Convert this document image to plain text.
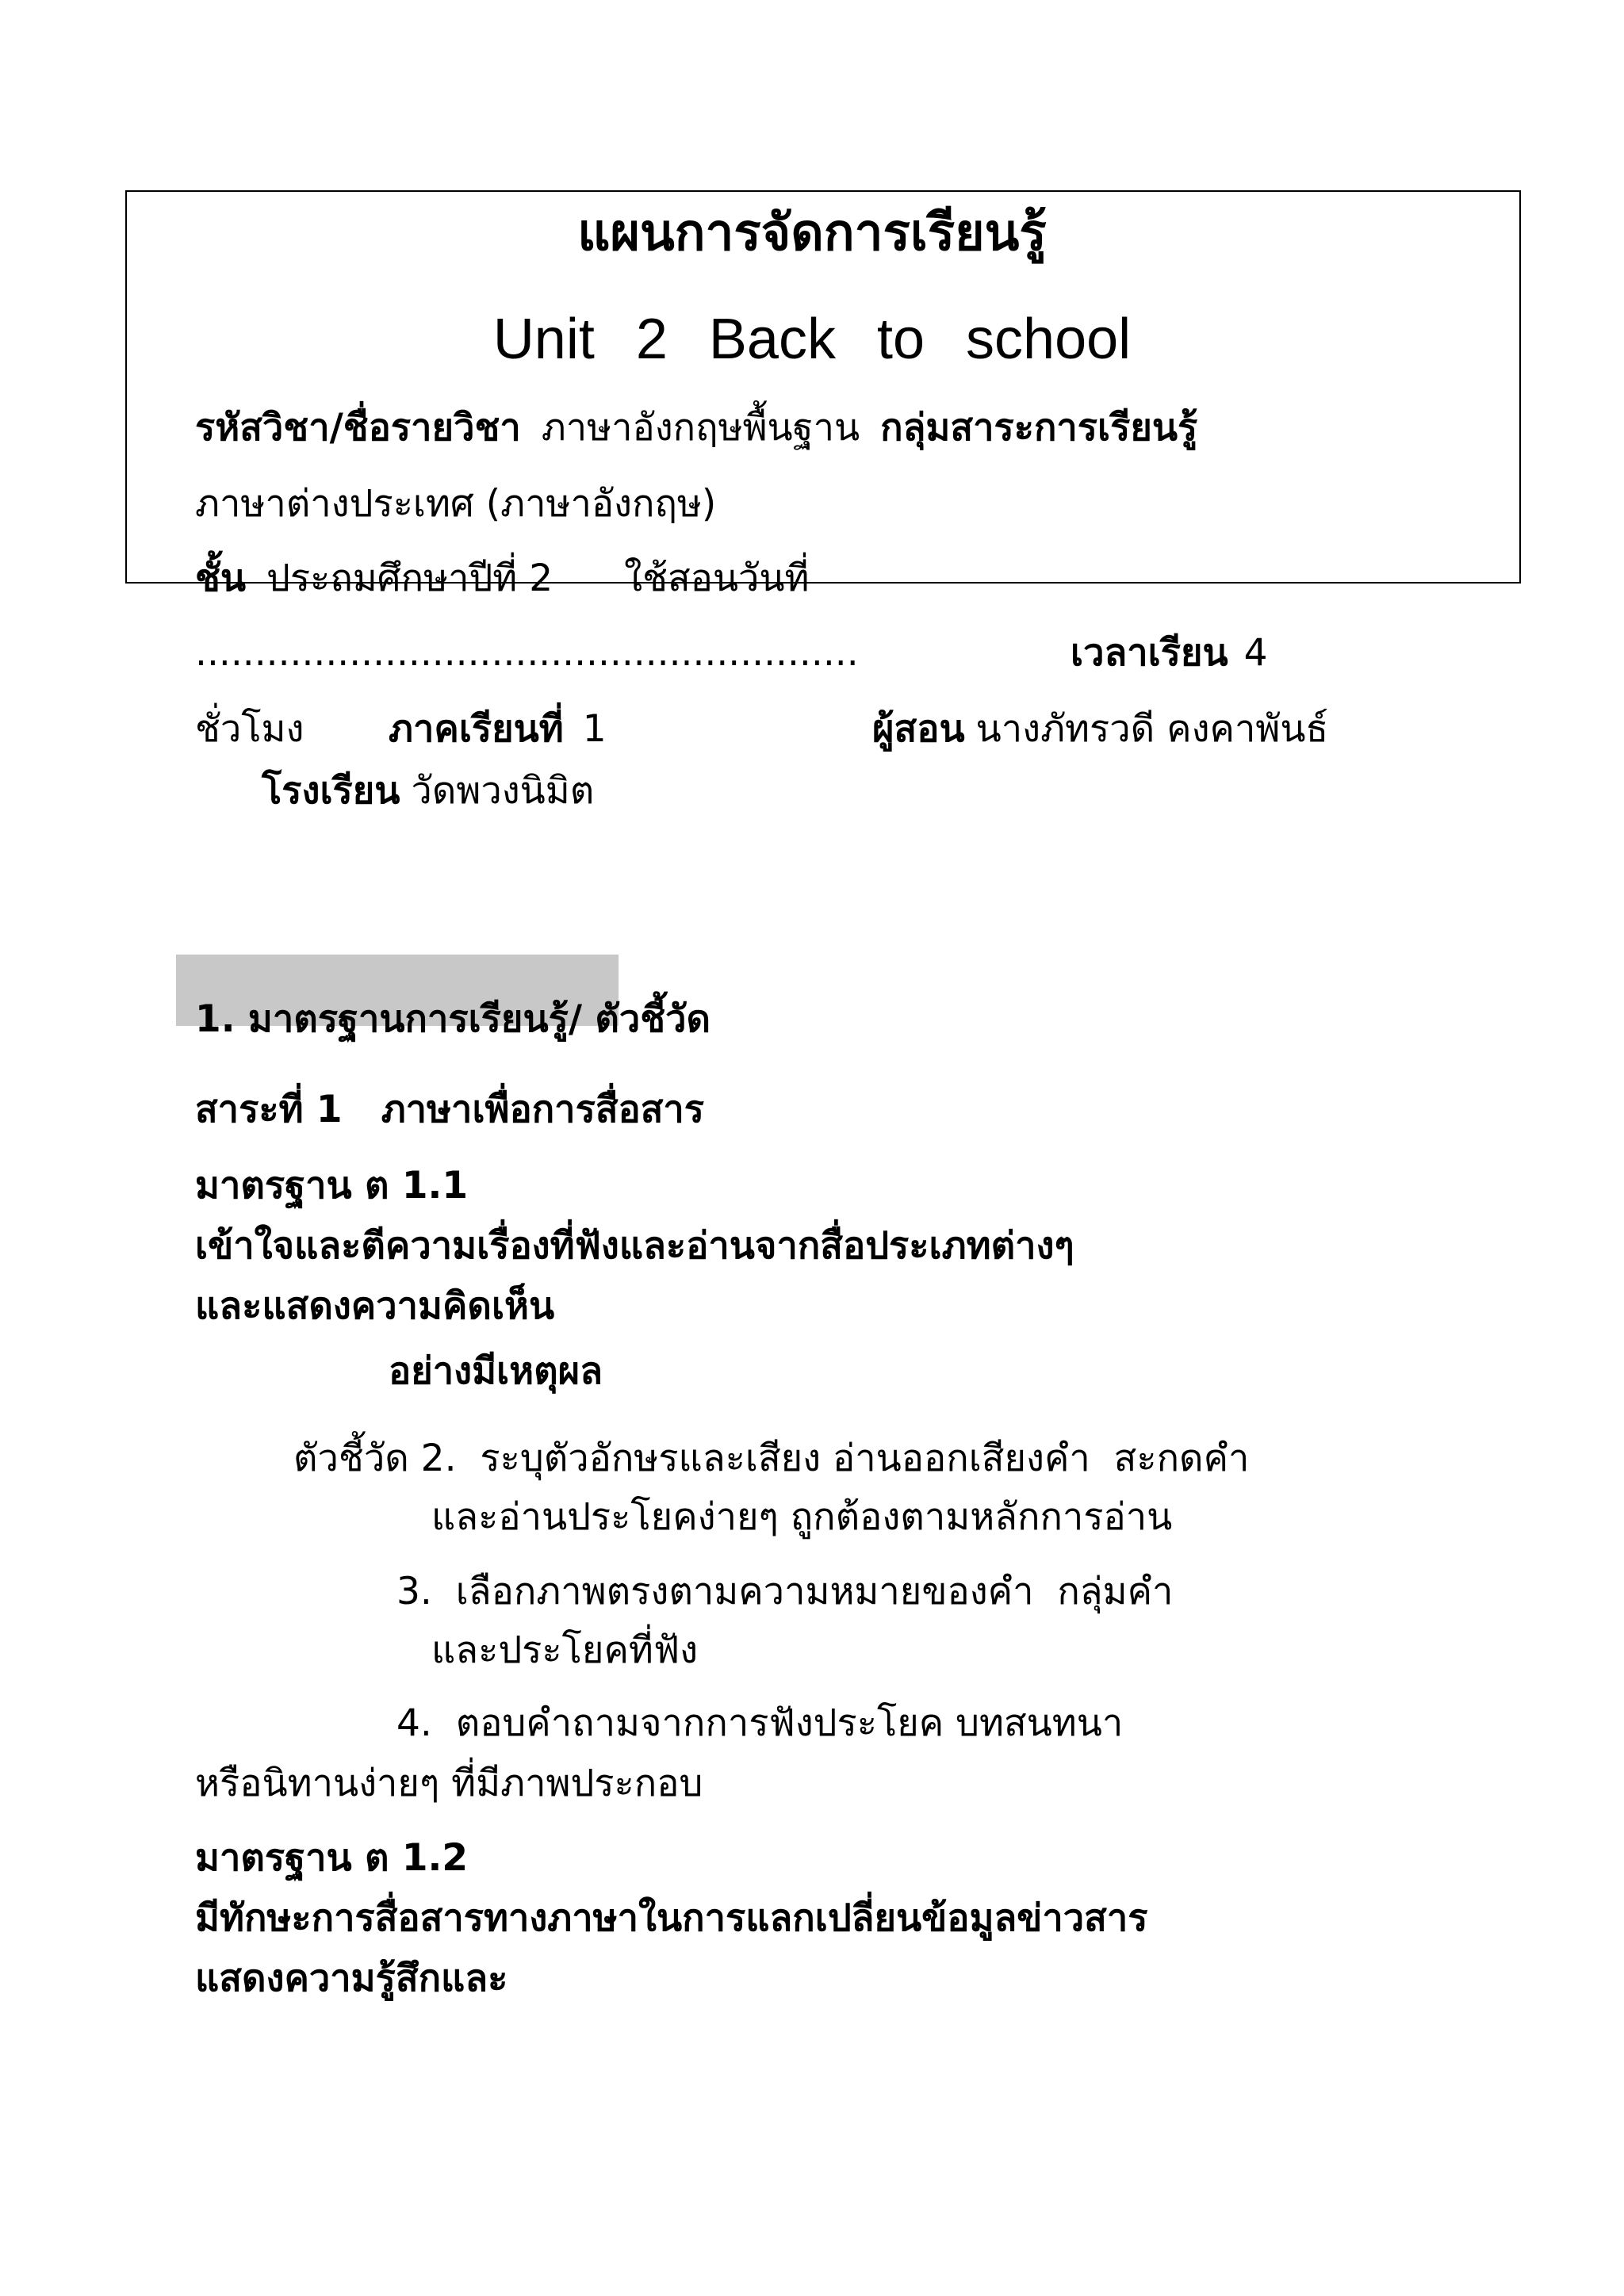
แผนการจัดการเรียนรู้
Unit  2  Back  to  school
รหัสวิชา/ชื่อรายวิชา ภาษาอังกฤษพื้นฐาน กลุ่มสาระการเรียนรู้
ภาษาต่างประเทศ (ภาษาอังกฤษ)
ชั้น ประถมศึกษาปีที่ 2 ใช้สอนวันที่
........................................................	เวลาเรียน 4
ชั่วโมง ภาคเรียนที่ 1	ผู้สอน นางภัทรวดี คงคาพันธ์
โรงเรียน วัดพวงนิมิต
1. มาตรฐานการเรียนรู้/ ตัวชี้วัด
สาระที่ 1   ภาษาเพื่อการสื่อสาร
มาตรฐาน ต 1.1
เข้าใจและตีความเรื่องที่ฟังและอ่านจากสื่อประเภทต่างๆ
และแสดงความคิดเห็น
อย่างมีเหตุผล
ตัวชี้วัด 2.  ระบุตัวอักษรและเสียง อ่านออกเสียงคำ  สะกดคำ
และอ่านประโยคง่ายๆ ถูกต้องตามหลักการอ่าน
3.  เลือกภาพตรงตามความหมายของคำ  กลุ่มคำ
และประโยคที่ฟัง
4.  ตอบคำถามจากการฟังประโยค บทสนทนา
หรือนิทานง่ายๆ ที่มีภาพประกอบ
มาตรฐาน ต 1.2
มีทักษะการสื่อสารทางภาษาในการแลกเปลี่ยนข้อมูลข่าวสาร
แสดงความรู้สึกและ
